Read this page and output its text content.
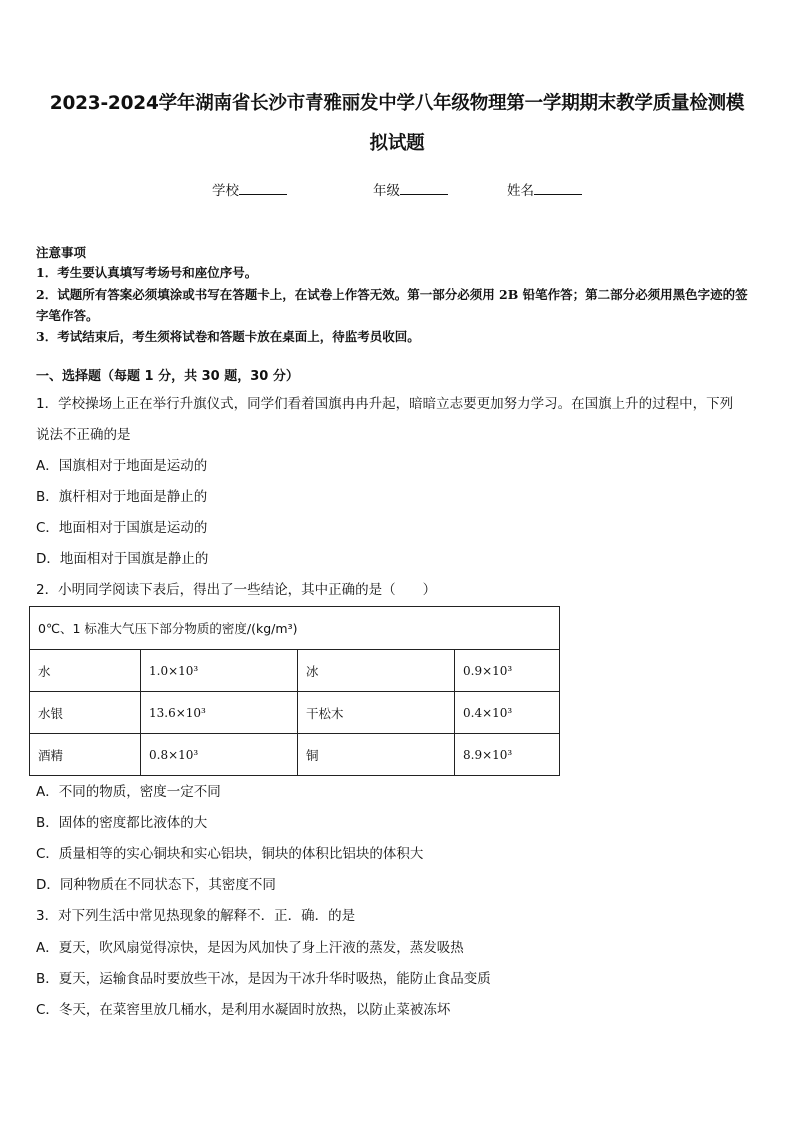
2023-2024学年湖南省长沙市青雅丽发中学八年级物理第一学期期末教学质量检测模
拟试题
学校	年级	姓名
注意事项
1．考生要认真填写考场号和座位序号。
2．试题所有答案必须填涂或书写在答题卡上，在试卷上作答无效。第一部分必须用 2B 铅笔作答；第二部分必须用黑色字迹的签字笔作答。
3．考试结束后，考生须将试卷和答题卡放在桌面上，待监考员收回。
一、选择题（每题 1 分，共 30 题，30 分）
1．学校操场上正在举行升旗仪式，同学们看着国旗冉冉升起，暗暗立志要更加努力学习。在国旗上升的过程中，下列
说法不正确的是
A．国旗相对于地面是运动的
B．旗杆相对于地面是静止的
C．地面相对于国旗是运动的
D．地面相对于国旗是静止的
2．小明同学阅读下表后，得出了一些结论，其中正确的是（　　）
0℃、1 标准大气压下部分物质的密度/(kg/m³)			
水	1.0×10³	冰	0.9×10³
水银	13.6×10³	干松木	0.4×10³
酒精	0.8×10³	铜	8.9×10³
A．不同的物质，密度一定不同
B．固体的密度都比液体的大
C．质量相等的实心铜块和实心铝块，铜块的体积比铝块的体积大
D．同种物质在不同状态下，其密度不同
3．对下列生活中常见热现象的解释不．正．确．的是
A．夏天，吹风扇觉得凉快，是因为风加快了身上汗液的蒸发，蒸发吸热
B．夏天，运输食品时要放些干冰，是因为干冰升华时吸热，能防止食品变质
C．冬天，在菜窖里放几桶水，是利用水凝固时放热，以防止菜被冻坏
